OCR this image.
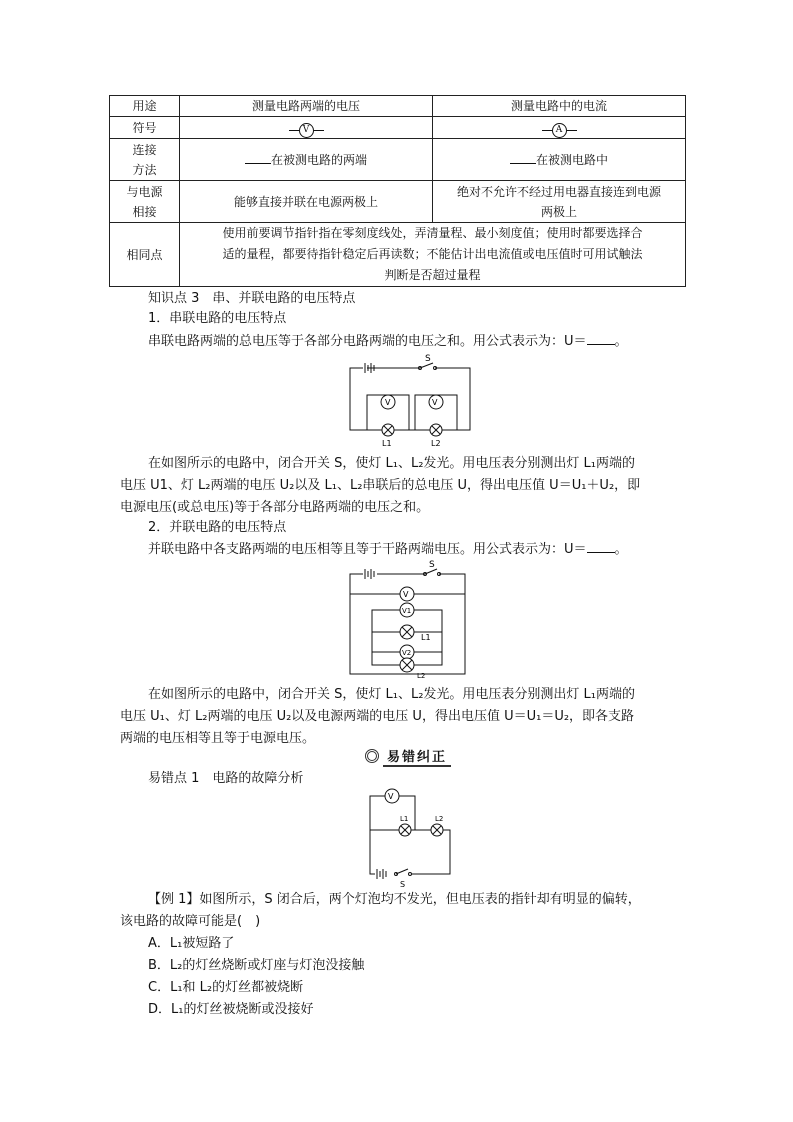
用途	测量电路两端的电压	测量电路中的电流
符号	V	A

连接
方法	在被测电路的两端	在被测电路中
与电源
相接	能够直接并联在电源两极上	绝对不允许不经过用电器直接连到电源
两极上
相同点	使用前要调节指针指在零刻度线处，弄清量程、最小刻度值；使用时都要选择合
适的量程，都要待指针稳定后再读数；不能估计出电流值或电压值时可用试触法
判断是否超过量程	
知识点 3　串、并联电路的电压特点
1．串联电路的电压特点
串联电路两端的总电压等于各部分电路两端的电压之和。用公式表示为：U＝ 。
S
V	V
L1	L2
在如图所示的电路中，闭合开关 S，使灯 L₁、L₂发光。用电压表分别测出灯 L₁两端的
电压 U1、灯 L₂两端的电压 U₂以及 L₁、L₂串联后的总电压 U，得出电压值 U＝U₁＋U₂，即
电源电压(或总电压)等于各部分电路两端的电压之和。
2．并联电路的电压特点
并联电路中各支路两端的电压相等且等于干路两端电压。用公式表示为：U＝ 。
S
V
V1
V2
L1
L2
在如图所示的电路中，闭合开关 S，使灯 L₁、L₂发光。用电压表分别测出灯 L₁两端的
电压 U₁、灯 L₂两端的电压 U₂以及电源两端的电压 U，得出电压值 U＝U₁＝U₂，即各支路
两端的电压相等且等于电源电压。
易错纠正
易错点 1　电路的故障分析
V
L1	L2
S
【例 1】如图所示，S 闭合后，两个灯泡均不发光，但电压表的指针却有明显的偏转，
该电路的故障可能是(　)
A．L₁被短路了
B．L₂的灯丝烧断或灯座与灯泡没接触
C．L₁和 L₂的灯丝都被烧断
D．L₁的灯丝被烧断或没接好
